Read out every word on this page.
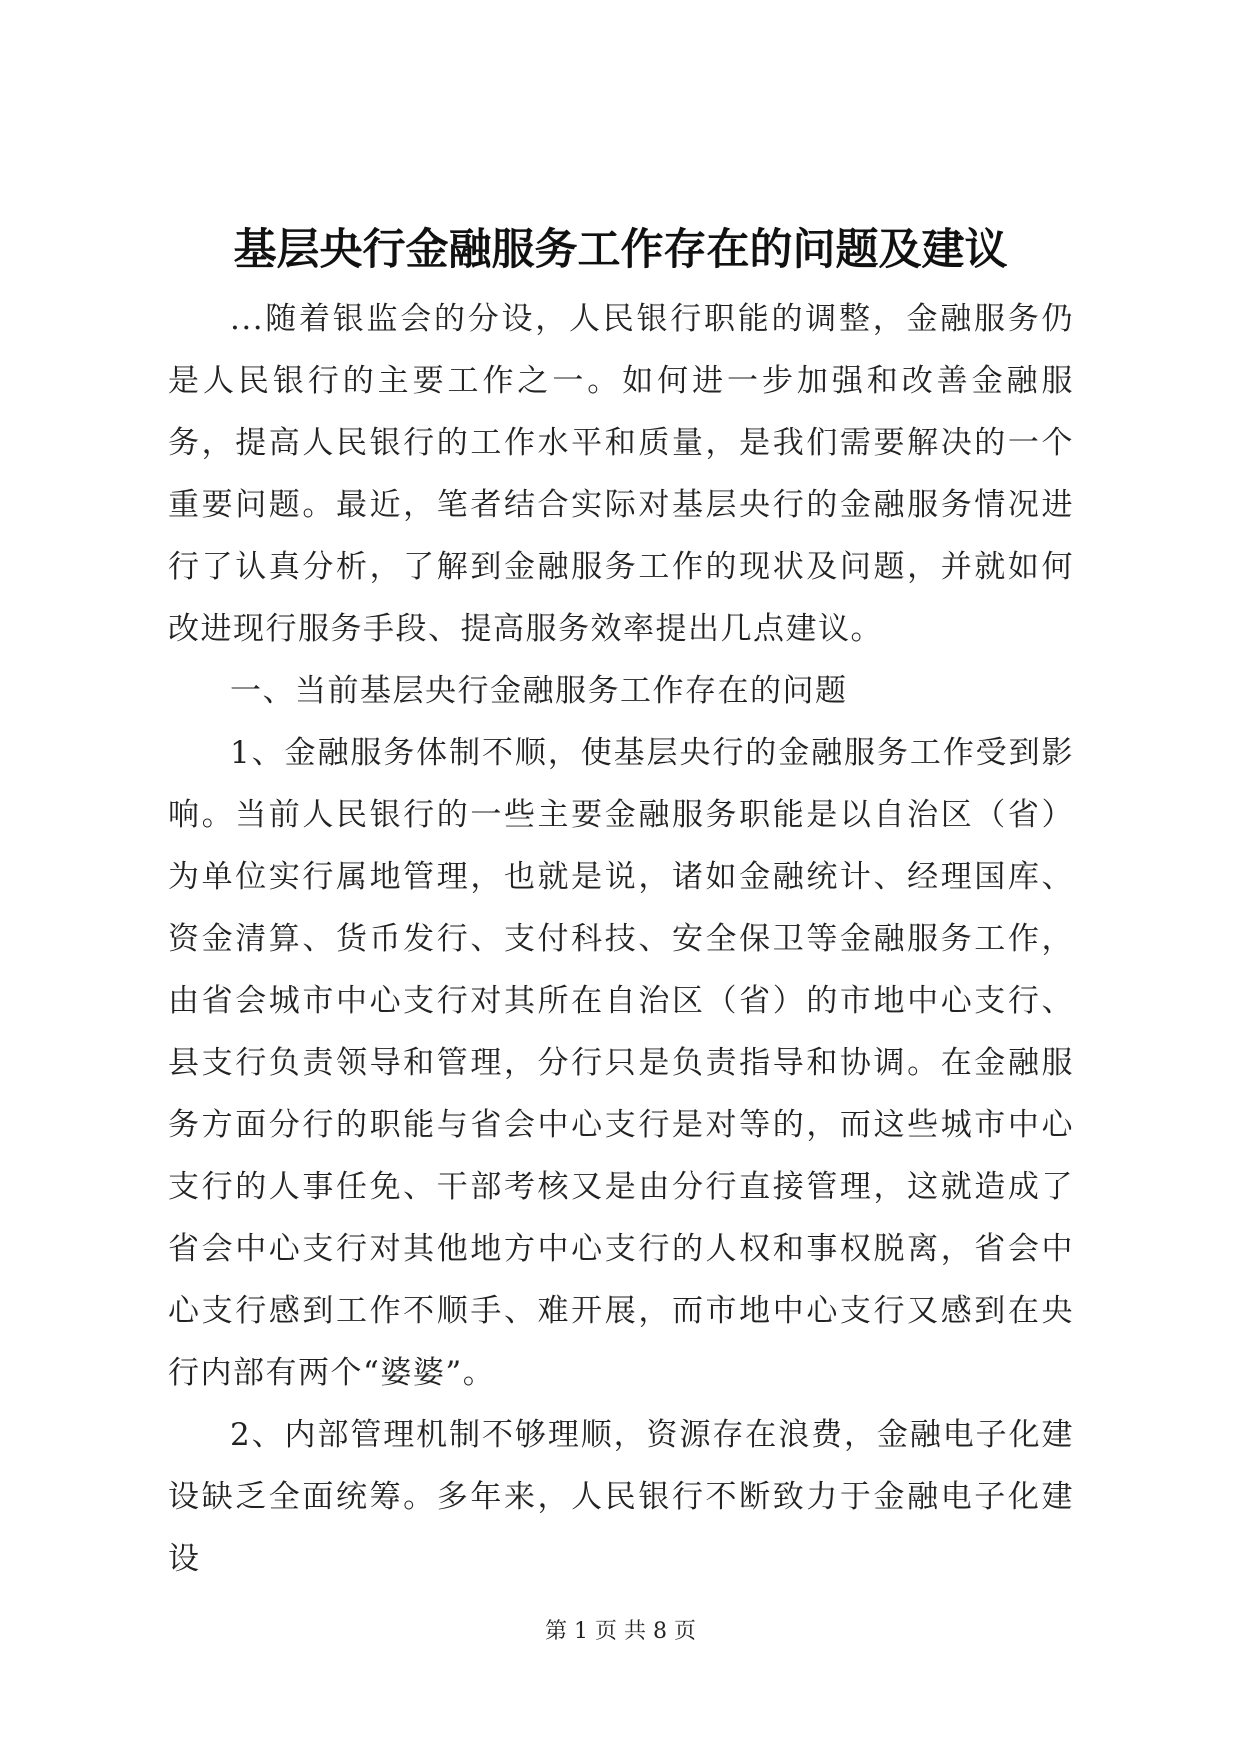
基层央行金融服务工作存在的问题及建议

...随着银监会的分设，人民银行职能的调整，金融服务仍是人民银行的主要工作之一。如何进一步加强和改善金融服务，提高人民银行的工作水平和质量，是我们需要解决的一个重要问题。最近，笔者结合实际对基层央行的金融服务情况进行了认真分析，了解到金融服务工作的现状及问题，并就如何改进现行服务手段、提高服务效率提出几点建议。

一、当前基层央行金融服务工作存在的问题

1、金融服务体制不顺，使基层央行的金融服务工作受到影响。当前人民银行的一些主要金融服务职能是以自治区（省）为单位实行属地管理，也就是说，诸如金融统计、经理国库、资金清算、货币发行、支付科技、安全保卫等金融服务工作，由省会城市中心支行对其所在自治区（省）的市地中心支行、县支行负责领导和管理，分行只是负责指导和协调。在金融服务方面分行的职能与省会中心支行是对等的，而这些城市中心支行的人事任免、干部考核又是由分行直接管理，这就造成了省会中心支行对其他地方中心支行的人权和事权脱离，省会中心支行感到工作不顺手、难开展，而市地中心支行又感到在央行内部有两个“婆婆”。

2、内部管理机制不够理顺，资源存在浪费，金融电子化建设缺乏全面统筹。多年来，人民银行不断致力于金融电子化建设

第 1 页 共 8 页
